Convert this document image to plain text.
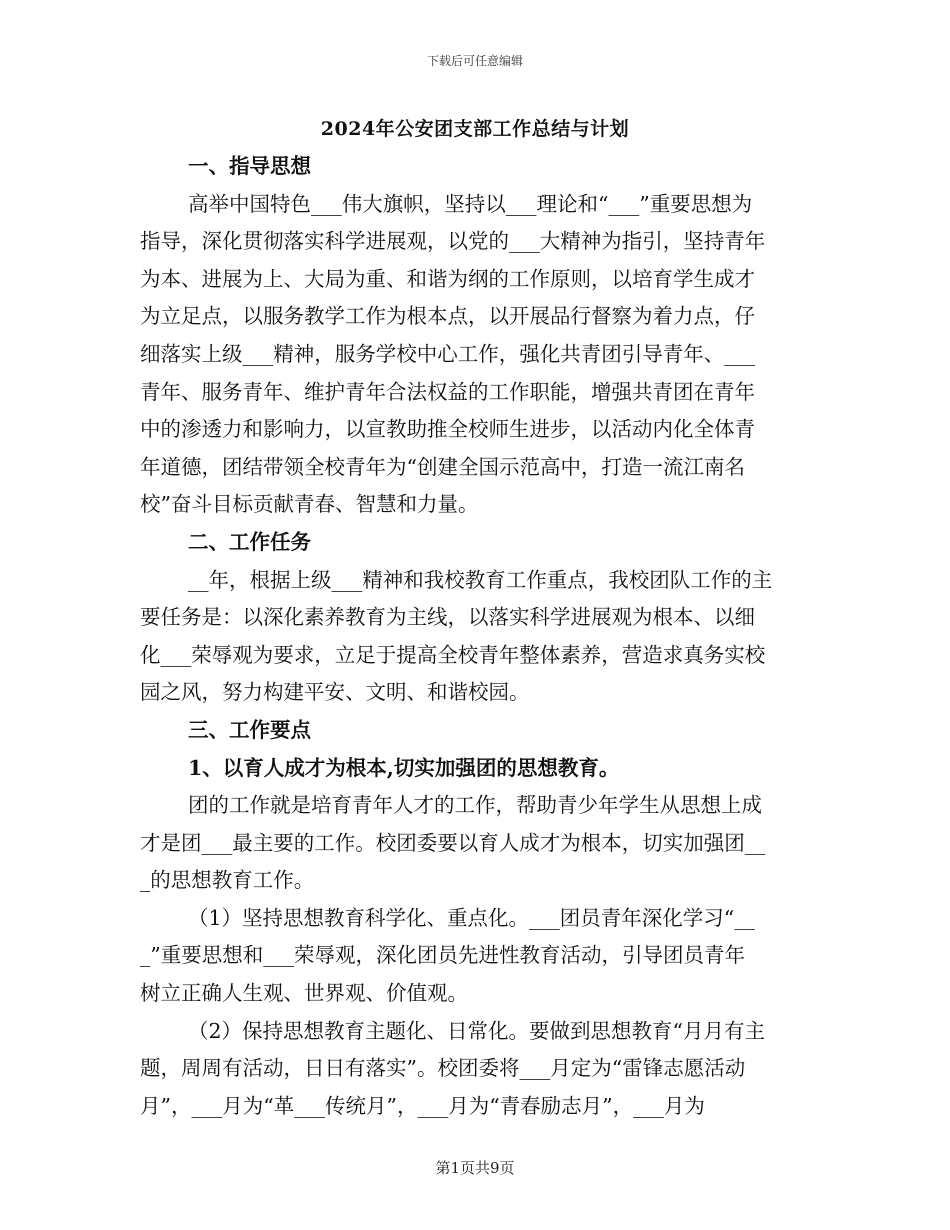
下载后可任意编辑
2024年公安团支部工作总结与计划
一、指导思想
高举中国特色___伟大旗帜，坚持以___理论和“___”重要思想为
指导，深化贯彻落实科学进展观，以党的___大精神为指引，坚持青年
为本、进展为上、大局为重、和谐为纲的工作原则，以培育学生成才
为立足点，以服务教学工作为根本点，以开展品行督察为着力点，仔
细落实上级___精神，服务学校中心工作，强化共青团引导青年、___
青年、服务青年、维护青年合法权益的工作职能，增强共青团在青年
中的渗透力和影响力，以宣教助推全校师生进步，以活动内化全体青
年道德，团结带领全校青年为“创建全国示范高中，打造一流江南名
校”奋斗目标贡献青春、智慧和力量。
二、工作任务
__年，根据上级___精神和我校教育工作重点，我校团队工作的主
要任务是：以深化素养教育为主线，以落实科学进展观为根本、以细
化___荣辱观为要求，立足于提高全校青年整体素养，营造求真务实校
园之风，努力构建平安、文明、和谐校园。
三、工作要点
1、以育人成才为根本,切实加强团的思想教育。
团的工作就是培育青年人才的工作，帮助青少年学生从思想上成
才是团___最主要的工作。校团委要以育人成才为根本，切实加强团__
_的思想教育工作。
（1）坚持思想教育科学化、重点化。___团员青年深化学习“__
_”重要思想和___荣辱观，深化团员先进性教育活动，引导团员青年
树立正确人生观、世界观、价值观。
（2）保持思想教育主题化、日常化。要做到思想教育“月月有主
题，周周有活动，日日有落实”。校团委将___月定为“雷锋志愿活动
月”，___月为“革___传统月”，___月为“青春励志月”，___月为
第1页共9页
